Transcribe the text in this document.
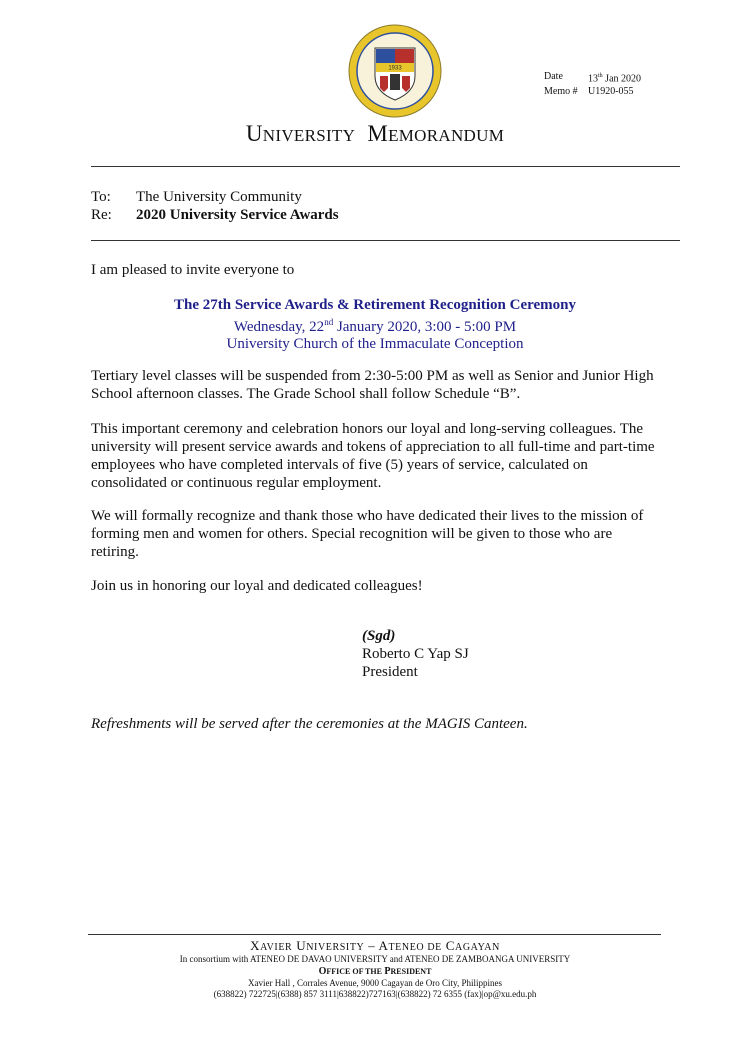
1933
Date	13th Jan 2020
Memo #	U1920-055
UNIVERSITY MEMORANDUM
To: The University Community
Re: 2020 University Service Awards
I am pleased to invite everyone to
The 27th Service Awards & Retirement Recognition Ceremony
Wednesday, 22nd January 2020, 3:00 - 5:00 PM
University Church of the Immaculate Conception
Tertiary level classes will be suspended from 2:30-5:00 PM as well as Senior and Junior High School afternoon classes. The Grade School shall follow Schedule “B”.
This important ceremony and celebration honors our loyal and long-serving colleagues. The university will present service awards and tokens of appreciation to all full-time and part-time employees who have completed intervals of five (5) years of service, calculated on consolidated or continuous regular employment.
We will formally recognize and thank those who have dedicated their lives to the mission of forming men and women for others. Special recognition will be given to those who are retiring.
Join us in honoring our loyal and dedicated colleagues!
(Sgd)
Roberto C Yap SJ
President
Refreshments will be served after the ceremonies at the MAGIS Canteen.
XAVIER UNIVERSITY – ATENEO DE CAGAYAN
In consortium with ATENEO DE DAVAO UNIVERSITY and ATENEO DE ZAMBOANGA UNIVERSITY
OFFICE OF THE PRESIDENT
Xavier Hall , Corrales Avenue, 9000 Cagayan de Oro City, Philippines
(638822) 722725|(6388) 857 3111|638822)727163|(638822) 72 6355 (fax)|op@xu.edu.ph
